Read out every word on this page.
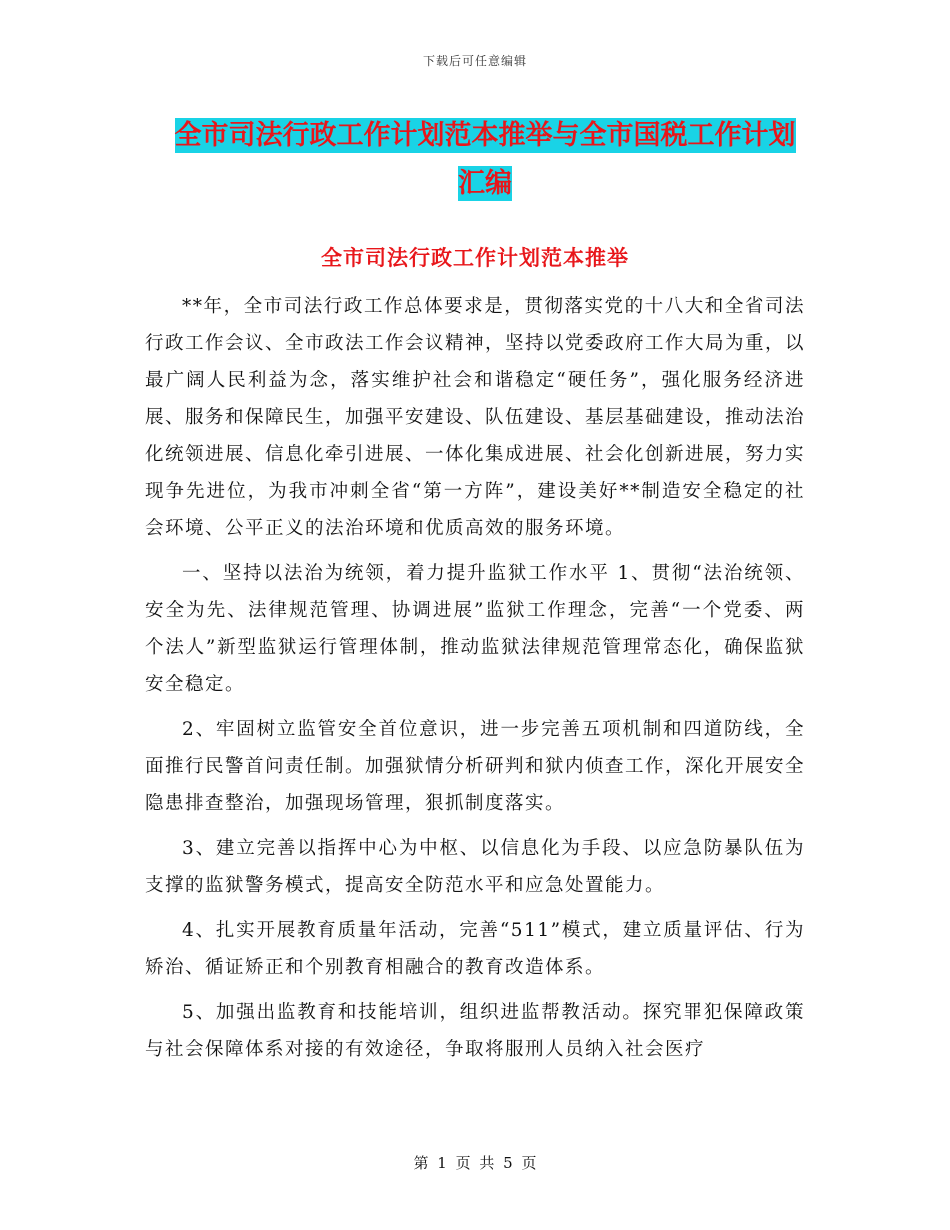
下载后可任意编辑
全市司法行政工作计划范本推举与全市国税工作计划
汇编
全市司法行政工作计划范本推举

**年，全市司法行政工作总体要求是，贯彻落实党的十八大和全省司法行政工作会议、全市政法工作会议精神，坚持以党委政府工作大局为重，以最广阔人民利益为念，落实维护社会和谐稳定“硬任务”，强化服务经济进展、服务和保障民生，加强平安建设、队伍建设、基层基础建设，推动法治化统领进展、信息化牵引进展、一体化集成进展、社会化创新进展，努力实现争先进位，为我市冲刺全省“第一方阵”，建设美好**制造安全稳定的社会环境、公平正义的法治环境和优质高效的服务环境。

一、坚持以法治为统领，着力提升监狱工作水平 1、贯彻“法治统领、安全为先、法律规范管理、协调进展”监狱工作理念，完善“一个党委、两个法人”新型监狱运行管理体制，推动监狱法律规范管理常态化，确保监狱安全稳定。

2、牢固树立监管安全首位意识，进一步完善五项机制和四道防线，全面推行民警首问责任制。加强狱情分析研判和狱内侦查工作，深化开展安全隐患排查整治，加强现场管理，狠抓制度落实。

3、建立完善以指挥中心为中枢、以信息化为手段、以应急防暴队伍为支撑的监狱警务模式，提高安全防范水平和应急处置能力。

4、扎实开展教育质量年活动，完善“511”模式，建立质量评估、行为矫治、循证矫正和个别教育相融合的教育改造体系。

5、加强出监教育和技能培训，组织进监帮教活动。探究罪犯保障政策与社会保障体系对接的有效途径，争取将服刑人员纳入社会医疗

第 1 页 共 5 页
